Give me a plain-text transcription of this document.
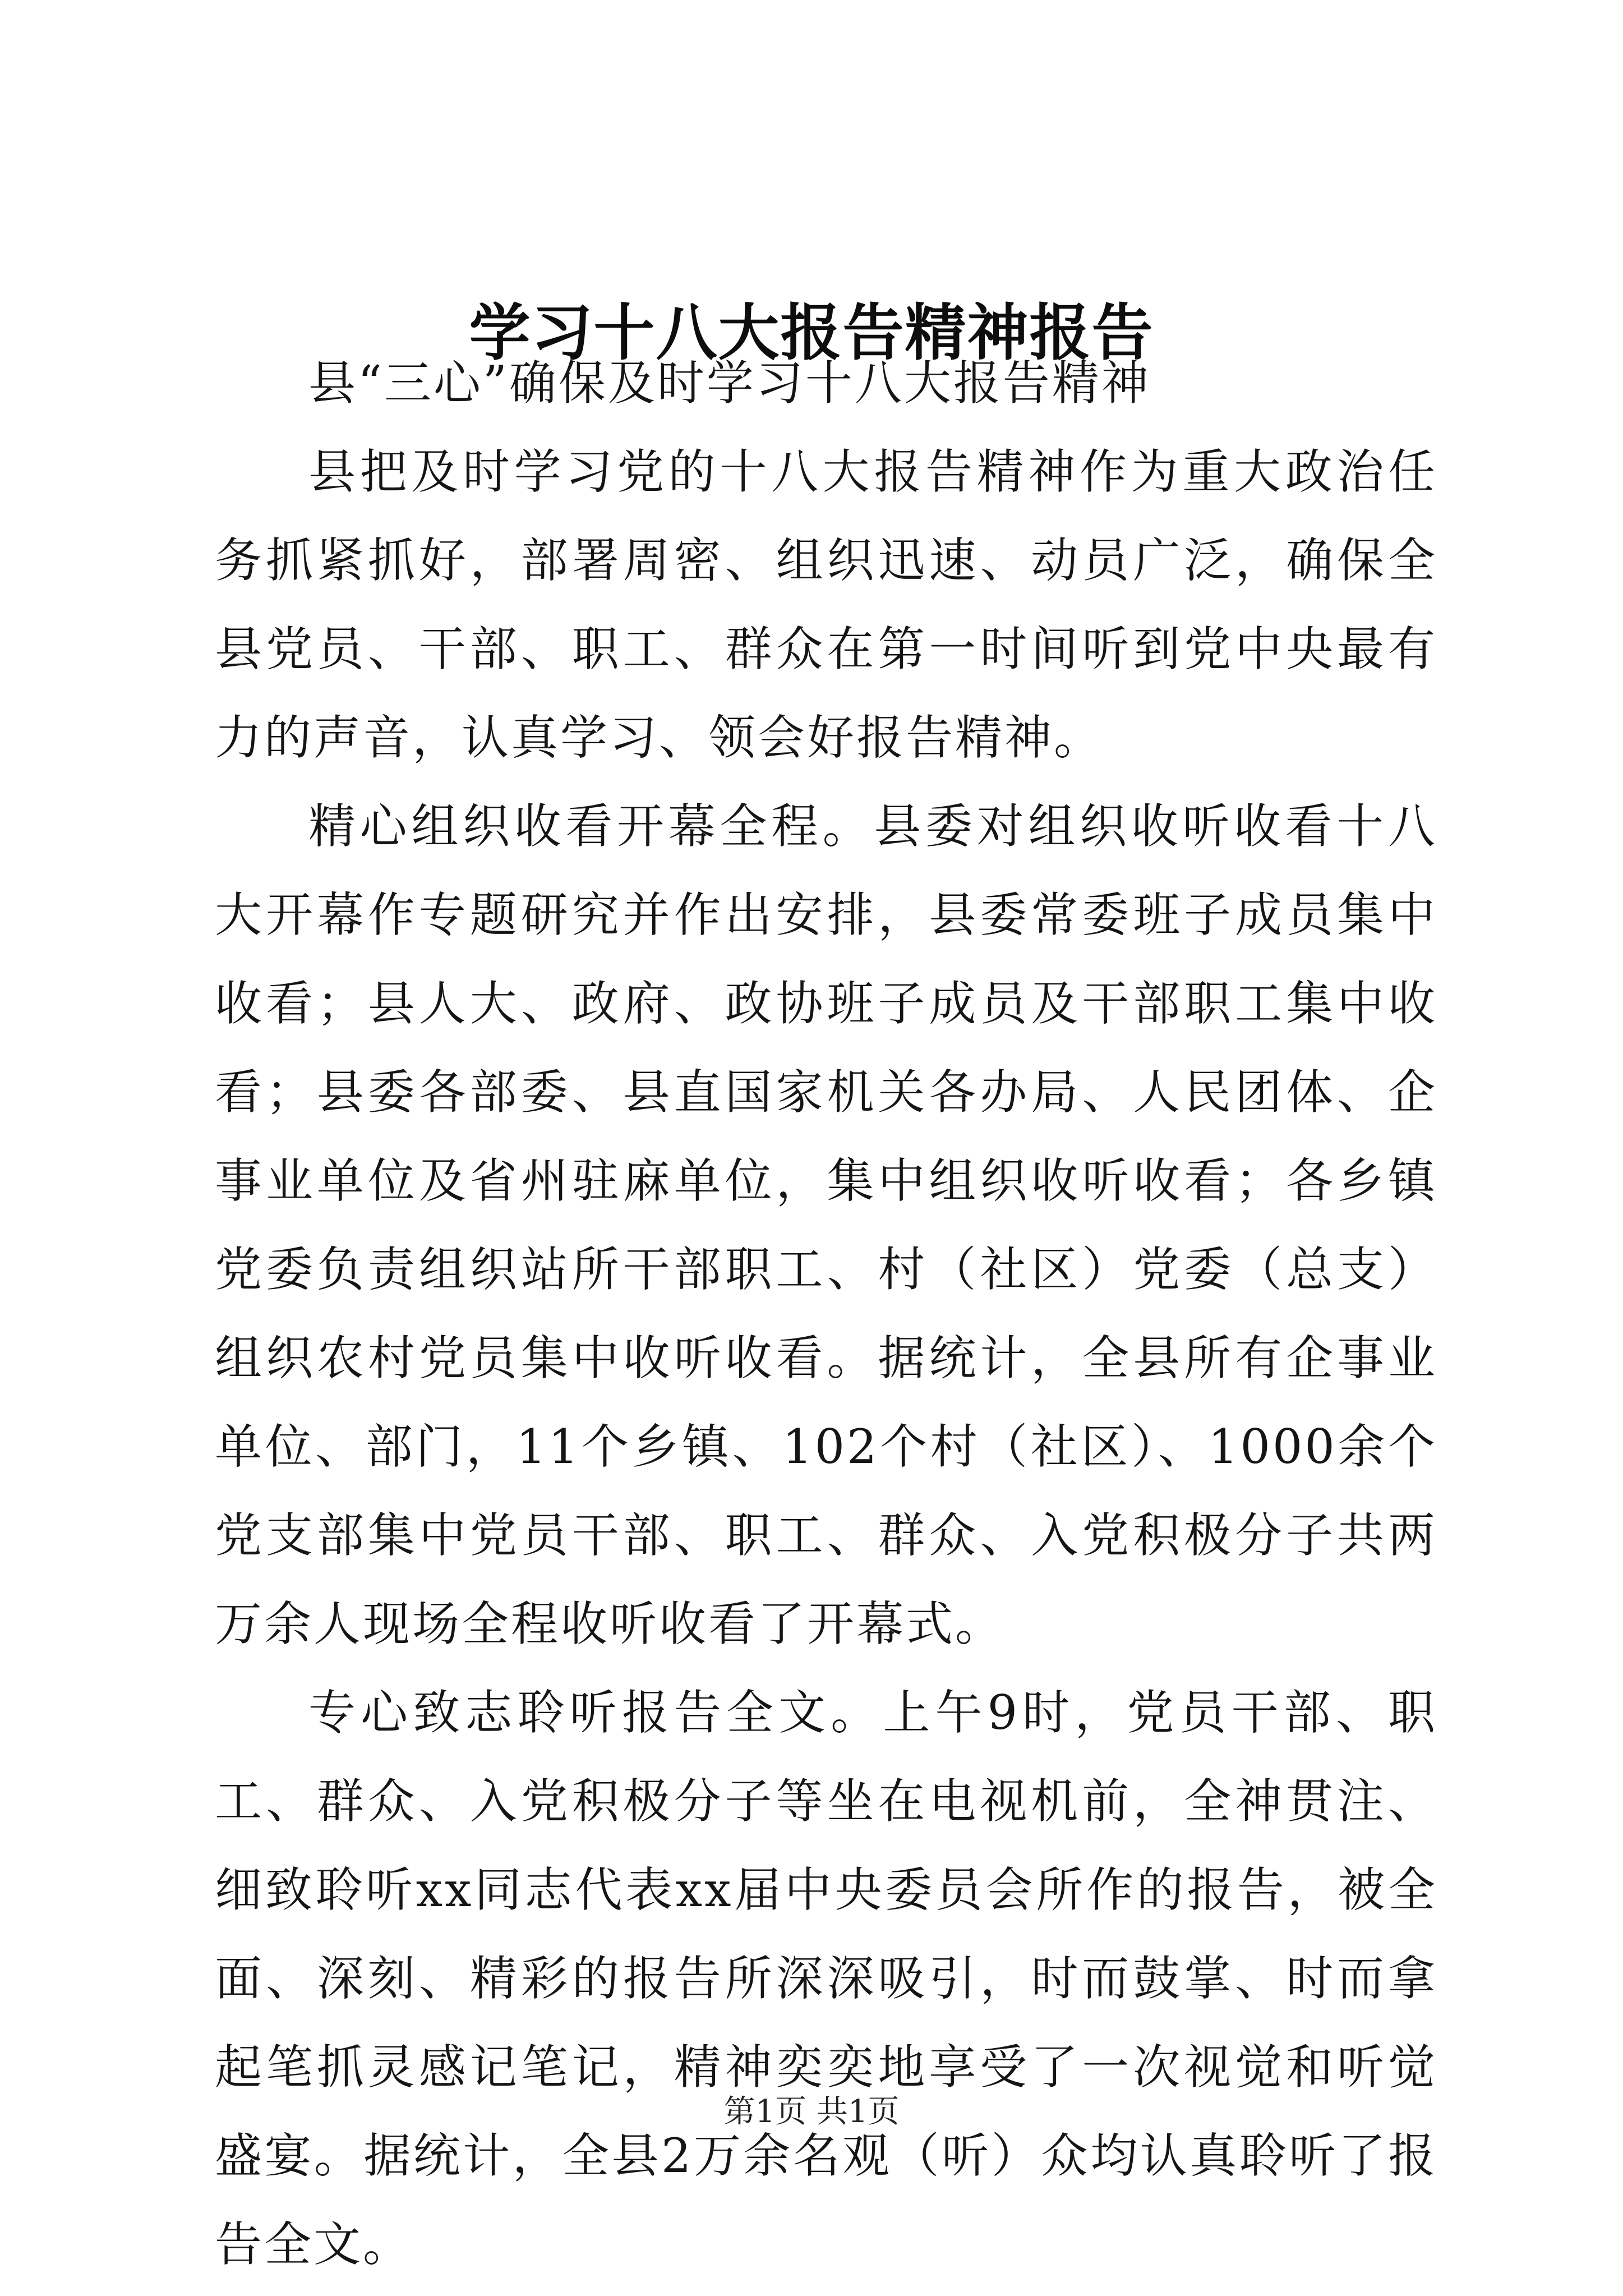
学习十八大报告精神报告

县“三心”确保及时学习十八大报告精神

县把及时学习党的十八大报告精神作为重大政治任务抓紧抓好，部署周密、组织迅速、动员广泛，确保全县党员、干部、职工、群众在第一时间听到党中央最有力的声音，认真学习、领会好报告精神。

精心组织收看开幕全程。县委对组织收听收看十八大开幕作专题研究并作出安排，县委常委班子成员集中收看；县人大、政府、政协班子成员及干部职工集中收看；县委各部委、县直国家机关各办局、人民团体、企事业单位及省州驻麻单位，集中组织收听收看；各乡镇党委负责组织站所干部职工、村（社区）党委（总支）组织农村党员集中收听收看。据统计，全县所有企事业单位、部门，11个乡镇、102个村（社区）、1000余个党支部集中党员干部、职工、群众、入党积极分子共两万余人现场全程收听收看了开幕式。

专心致志聆听报告全文。上午9时，党员干部、职工、群众、入党积极分子等坐在电视机前，全神贯注、细致聆听xx同志代表xx届中央委员会所作的报告，被全面、深刻、精彩的报告所深深吸引，时而鼓掌、时而拿起笔抓灵感记笔记，精神奕奕地享受了一次视觉和听觉盛宴。据统计，全县2万余名观（听）众均认真聆听了报告全文。

第1页 共1页
